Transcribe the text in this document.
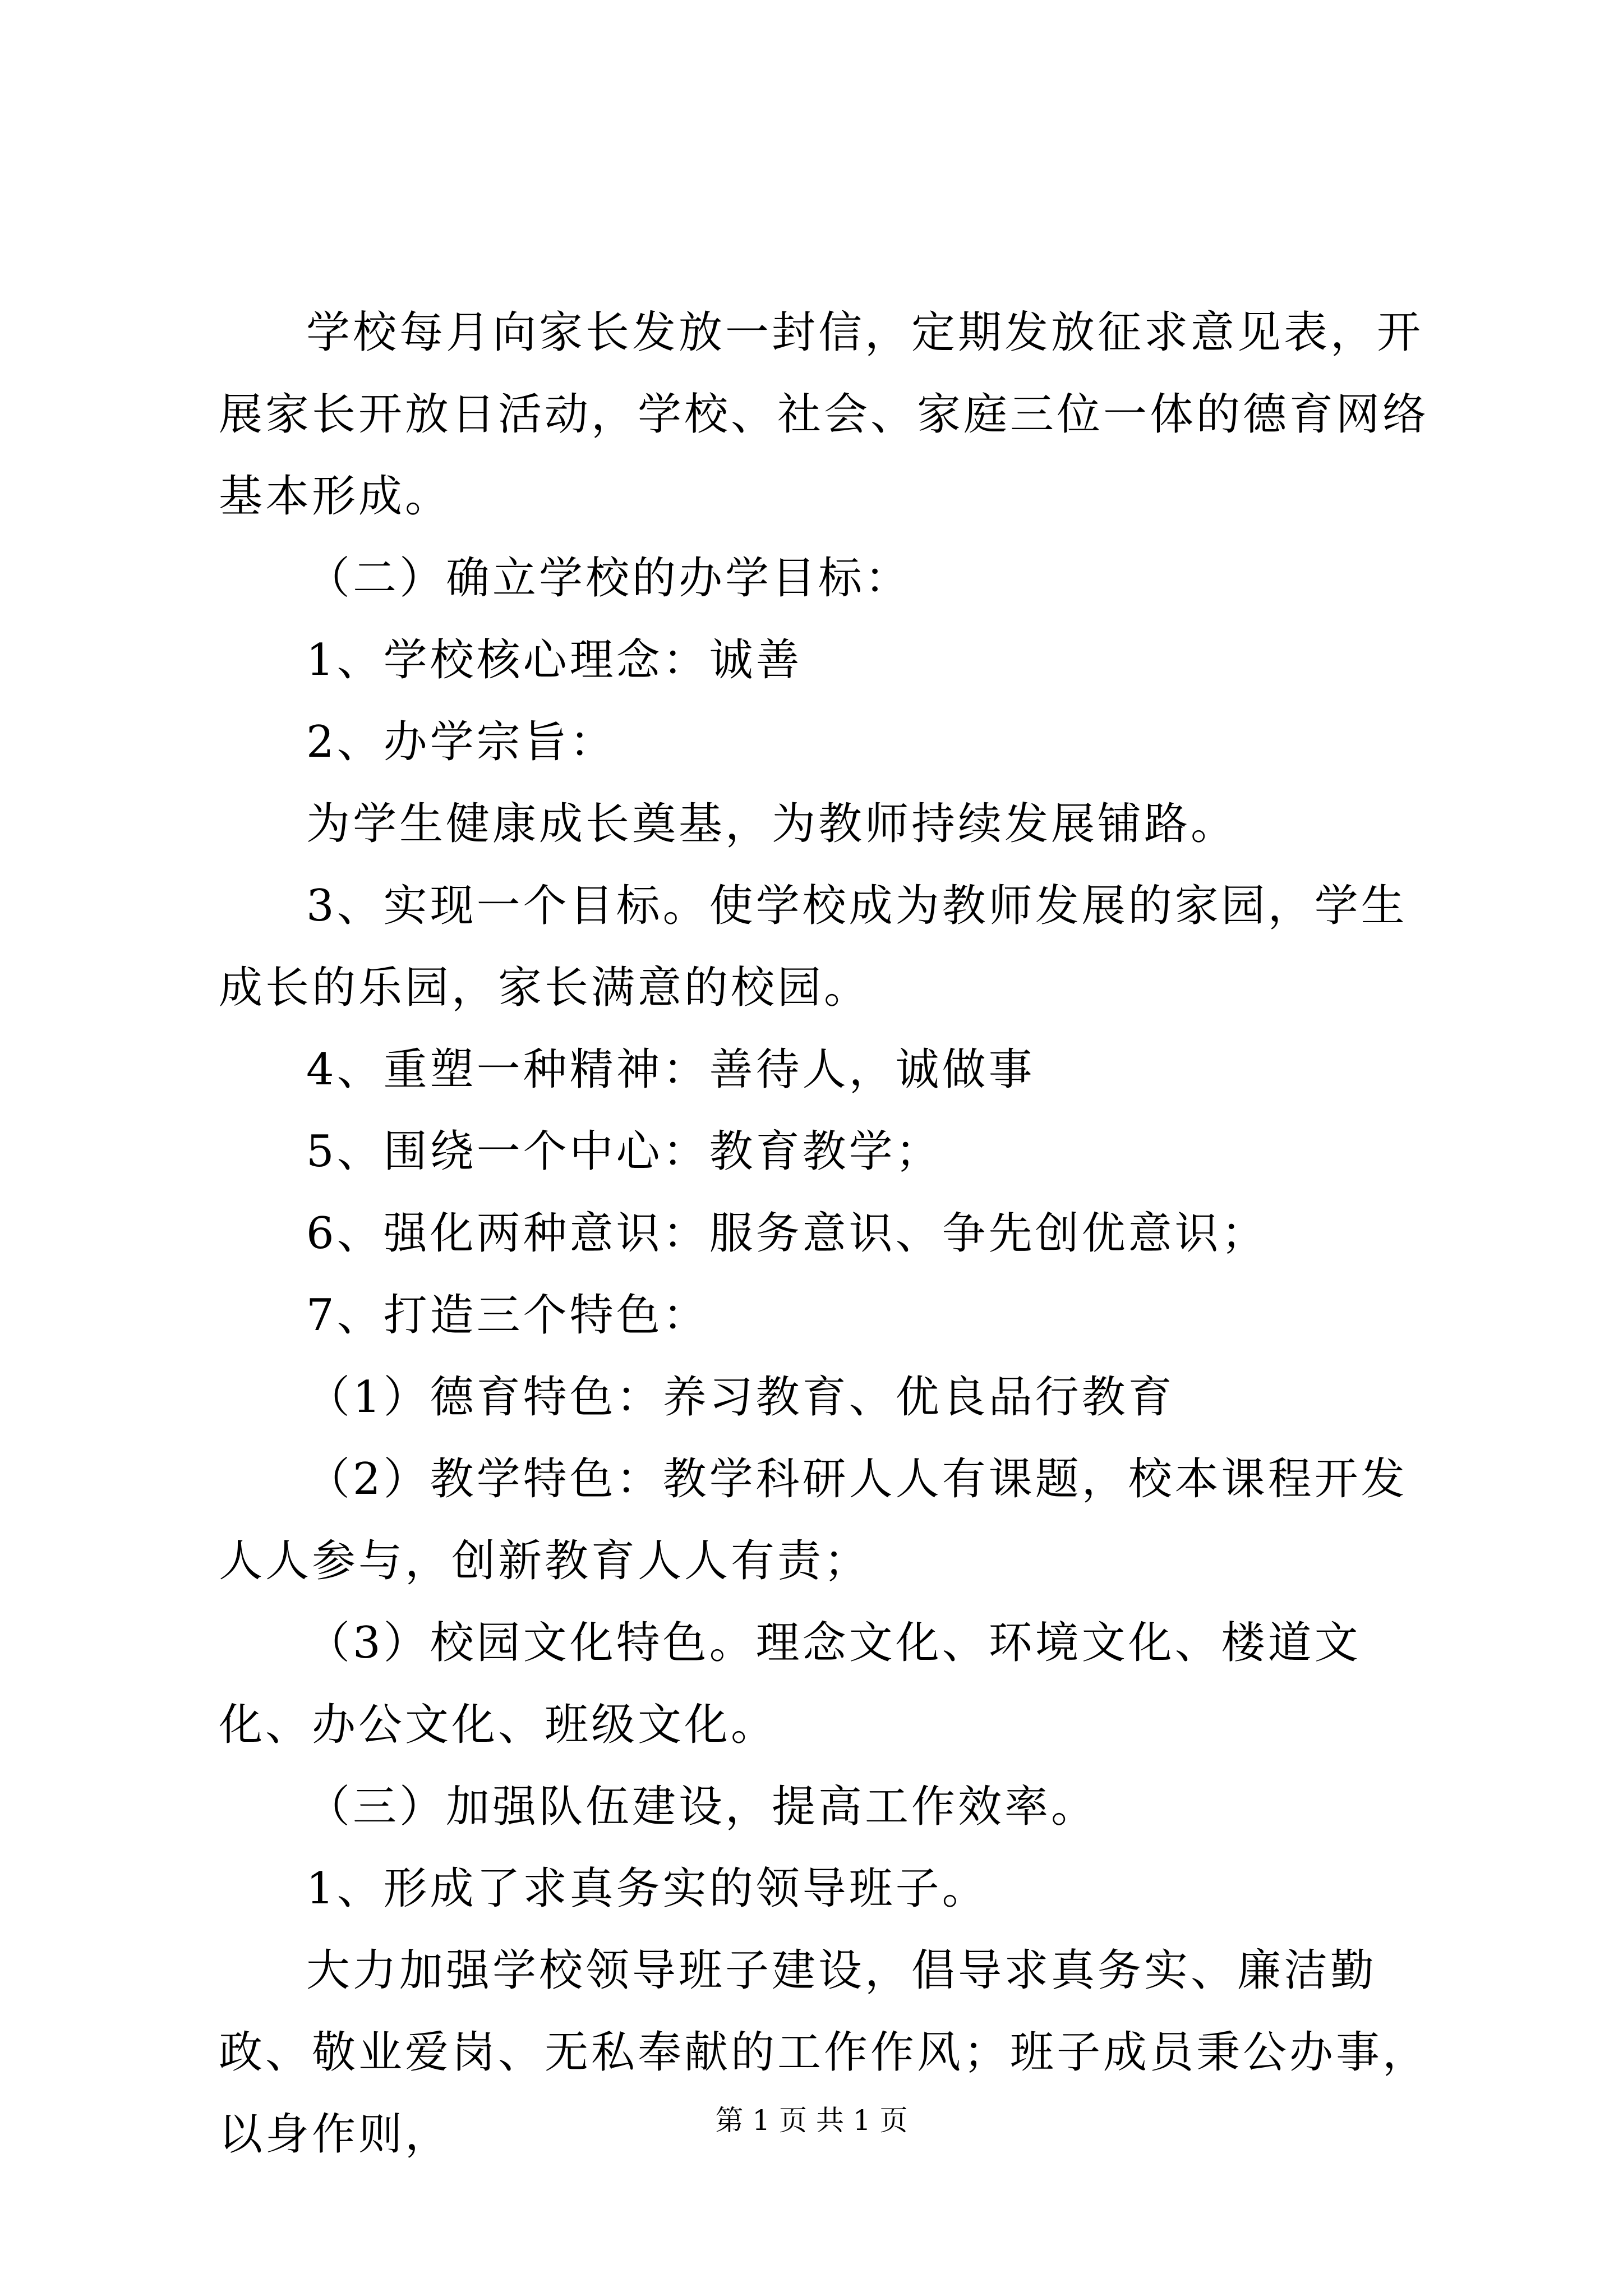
学校每月向家长发放一封信，定期发放征求意见表，开展家长开放日活动，学校、社会、家庭三位一体的德育网络基本形成。

（二）确立学校的办学目标：

1、学校核心理念：诚善

2、办学宗旨：

为学生健康成长奠基，为教师持续发展铺路。

3、实现一个目标。使学校成为教师发展的家园，学生成长的乐园，家长满意的校园。

4、重塑一种精神：善待人，诚做事

5、围绕一个中心：教育教学；

6、强化两种意识：服务意识、争先创优意识；

7、打造三个特色：

（1）德育特色：养习教育、优良品行教育

（2）教学特色：教学科研人人有课题，校本课程开发人人参与，创新教育人人有责；

（3）校园文化特色。理念文化、环境文化、楼道文化、办公文化、班级文化。

（三）加强队伍建设，提高工作效率。

1、形成了求真务实的领导班子。

大力加强学校领导班子建设，倡导求真务实、廉洁勤政、敬业爱岗、无私奉献的工作作风；班子成员秉公办事，以身作则，	第 1 页 共 1 页
